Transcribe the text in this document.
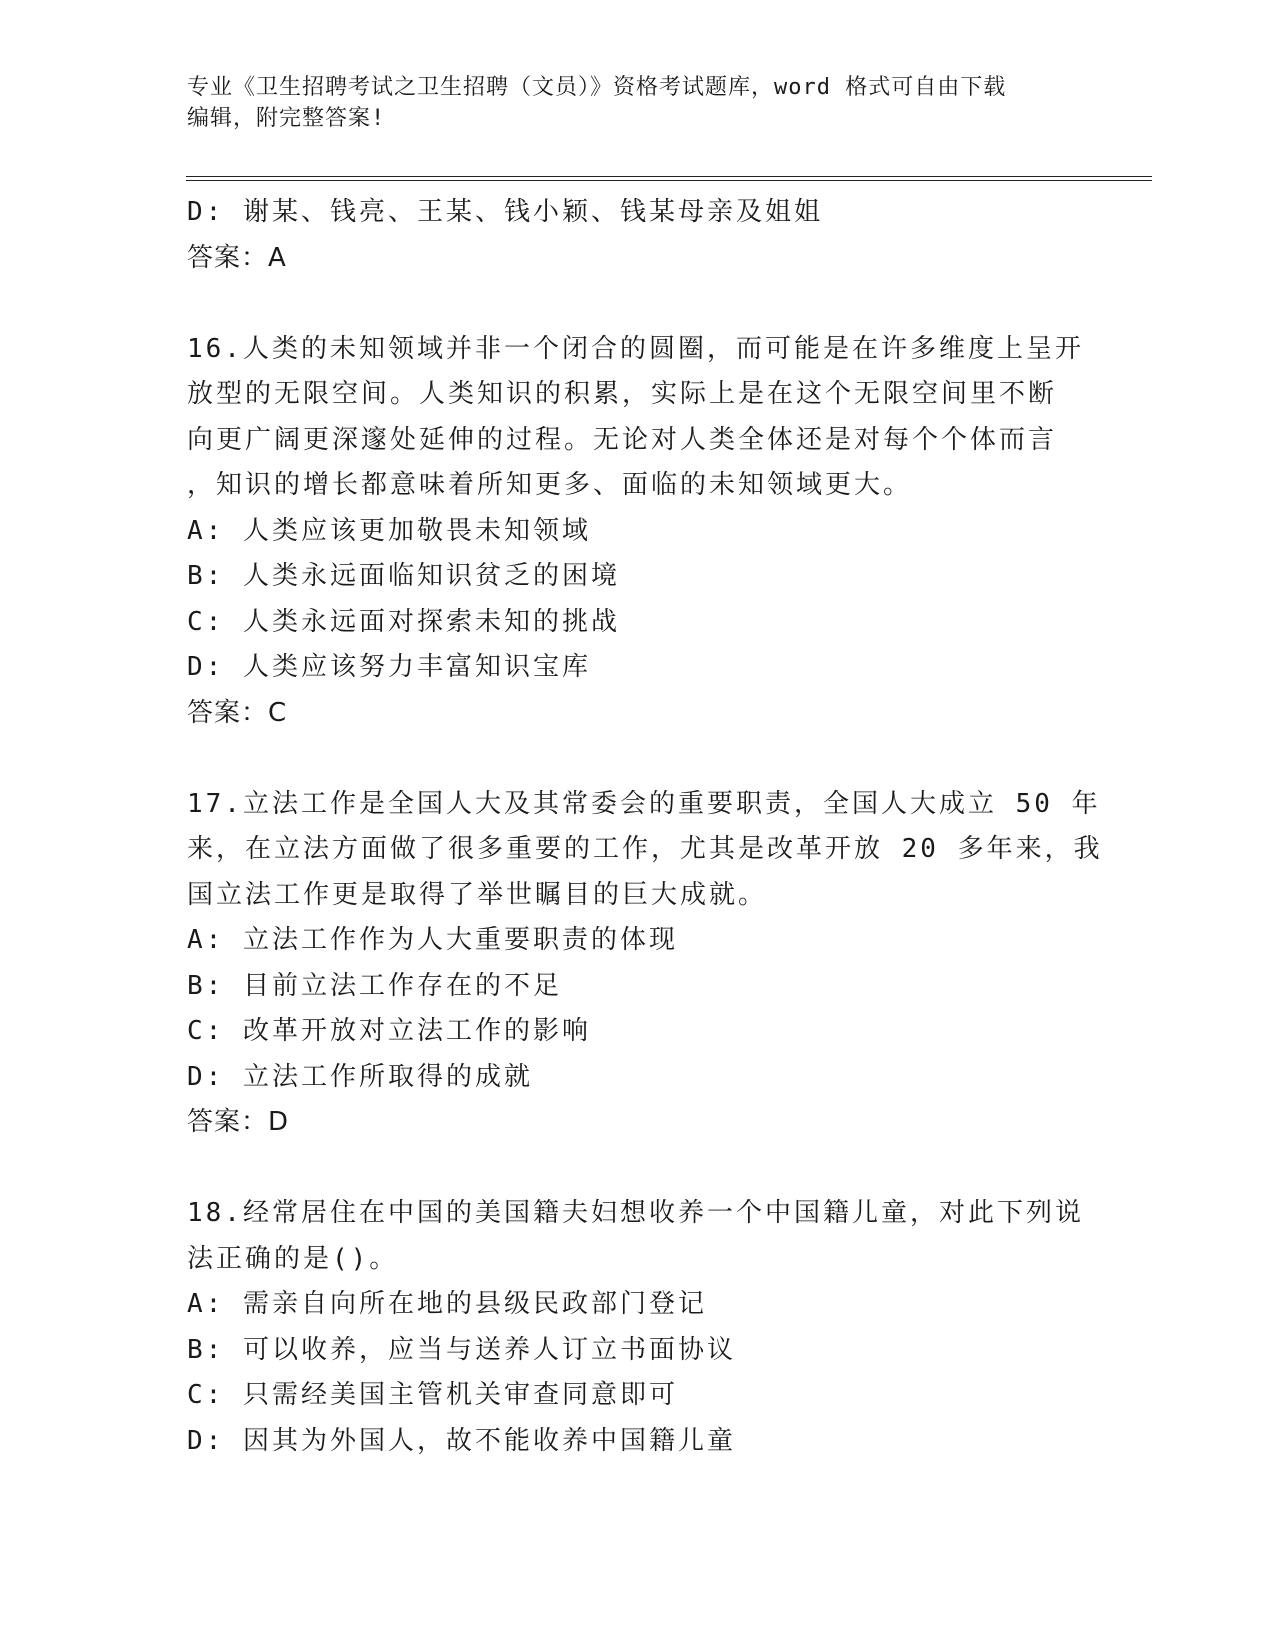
专业《卫生招聘考试之卫生招聘（文员）》资格考试题库，word 格式可自由下载
编辑，附完整答案!
D: 谢某、钱亮、王某、钱小颖、钱某母亲及姐姐
答案：A
16.人类的未知领域并非一个闭合的圆圈，而可能是在许多维度上呈开
放型的无限空间。人类知识的积累，实际上是在这个无限空间里不断
向更广阔更深邃处延伸的过程。无论对人类全体还是对每个个体而言
，知识的增长都意味着所知更多、面临的未知领域更大。
A: 人类应该更加敬畏未知领域
B: 人类永远面临知识贫乏的困境
C: 人类永远面对探索未知的挑战
D: 人类应该努力丰富知识宝库
答案：C
17.立法工作是全国人大及其常委会的重要职责，全国人大成立 50 年
来，在立法方面做了很多重要的工作，尤其是改革开放 20 多年来，我
国立法工作更是取得了举世瞩目的巨大成就。
A: 立法工作作为人大重要职责的体现
B: 目前立法工作存在的不足
C: 改革开放对立法工作的影响
D: 立法工作所取得的成就
答案：D
18.经常居住在中国的美国籍夫妇想收养一个中国籍儿童，对此下列说
法正确的是()。
A: 需亲自向所在地的县级民政部门登记
B: 可以收养，应当与送养人订立书面协议
C: 只需经美国主管机关审查同意即可
D: 因其为外国人，故不能收养中国籍儿童
